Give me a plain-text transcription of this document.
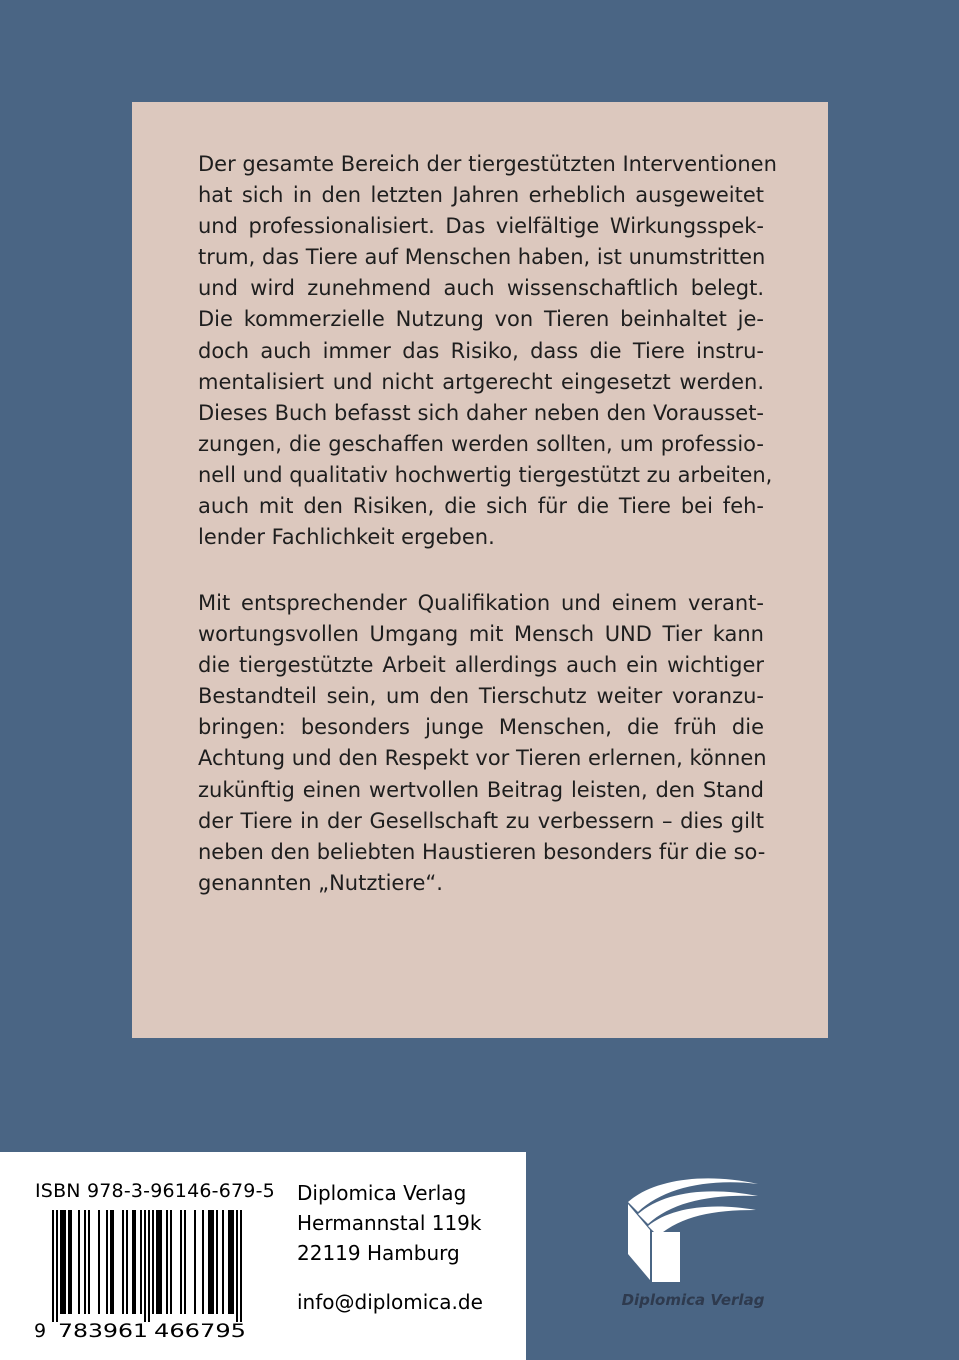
Der gesamte Bereich der tiergestützten Interventionen
hat sich in den letzten Jahren erheblich ausgeweitet
und professionalisiert. Das vielfältige Wirkungsspek-
trum, das Tiere auf Menschen haben, ist unumstritten
und wird zunehmend auch wissenschaftlich belegt.
Die kommerzielle Nutzung von Tieren beinhaltet je-
doch auch immer das Risiko, dass die Tiere instru-
mentalisiert und nicht artgerecht eingesetzt werden.
Dieses Buch befasst sich daher neben den Vorausset-
zungen, die geschaffen werden sollten, um professio-
nell und qualitativ hochwertig tiergestützt zu arbeiten,
auch mit den Risiken, die sich für die Tiere bei feh-
lender Fachlichkeit ergeben.

Mit entsprechender Qualifikation und einem verant-
wortungsvollen Umgang mit Mensch UND Tier kann
die tiergestützte Arbeit allerdings auch ein wichtiger
Bestandteil sein, um den Tierschutz weiter voranzu-
bringen: besonders junge Menschen, die früh die
Achtung und den Respekt vor Tieren erlernen, können
zukünftig einen wertvollen Beitrag leisten, den Stand
der Tiere in der Gesellschaft zu verbessern – dies gilt
neben den beliebten Haustieren besonders für die so-
genannten „Nutztiere“.

ISBN 978-3-96146-679-5
9 783961 466795
Diplomica Verlag
Hermannstal 119k
22119 Hamburg
info@diplomica.de	Diplomica Verlag
